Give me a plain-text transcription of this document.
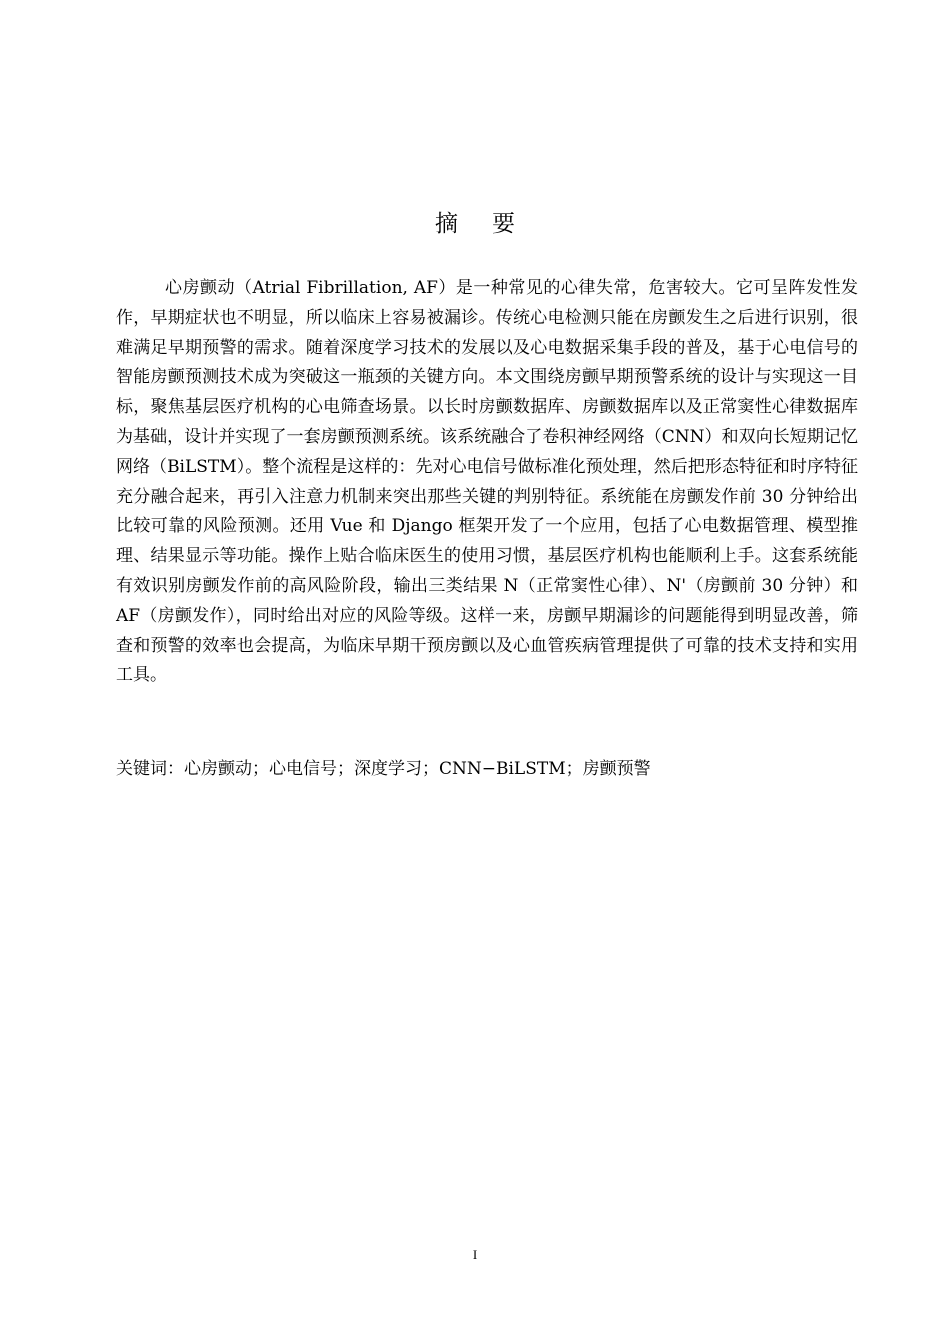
摘要

心房颤动（Atrial Fibrillation, AF）是一种常见的心律失常，危害较大。它可呈阵发性发作，早期症状也不明显，所以临床上容易被漏诊。传统心电检测只能在房颤发生之后进行识别，很难满足早期预警的需求。随着深度学习技术的发展以及心电数据采集手段的普及，基于心电信号的智能房颤预测技术成为突破这一瓶颈的关键方向。本文围绕房颤早期预警系统的设计与实现这一目标，聚焦基层医疗机构的心电筛查场景。以长时房颤数据库、房颤数据库以及正常窦性心律数据库为基础，设计并实现了一套房颤预测系统。该系统融合了卷积神经网络（CNN）和双向长短期记忆网络（BiLSTM）。整个流程是这样的：先对心电信号做标准化预处理，然后把形态特征和时序特征充分融合起来，再引入注意力机制来突出那些关键的判别特征。系统能在房颤发作前 30 分钟给出比较可靠的风险预测。还用 Vue 和 Django 框架开发了一个应用，包括了心电数据管理、模型推理、结果显示等功能。操作上贴合临床医生的使用习惯，基层医疗机构也能顺利上手。这套系统能有效识别房颤发作前的高风险阶段，输出三类结果 N（正常窦性心律）、N'（房颤前 30 分钟）和 AF（房颤发作），同时给出对应的风险等级。这样一来，房颤早期漏诊的问题能得到明显改善，筛查和预警的效率也会提高，为临床早期干预房颤以及心血管疾病管理提供了可靠的技术支持和实用工具。

关键词：心房颤动；心电信号；深度学习；CNN−BiLSTM；房颤预警

I
